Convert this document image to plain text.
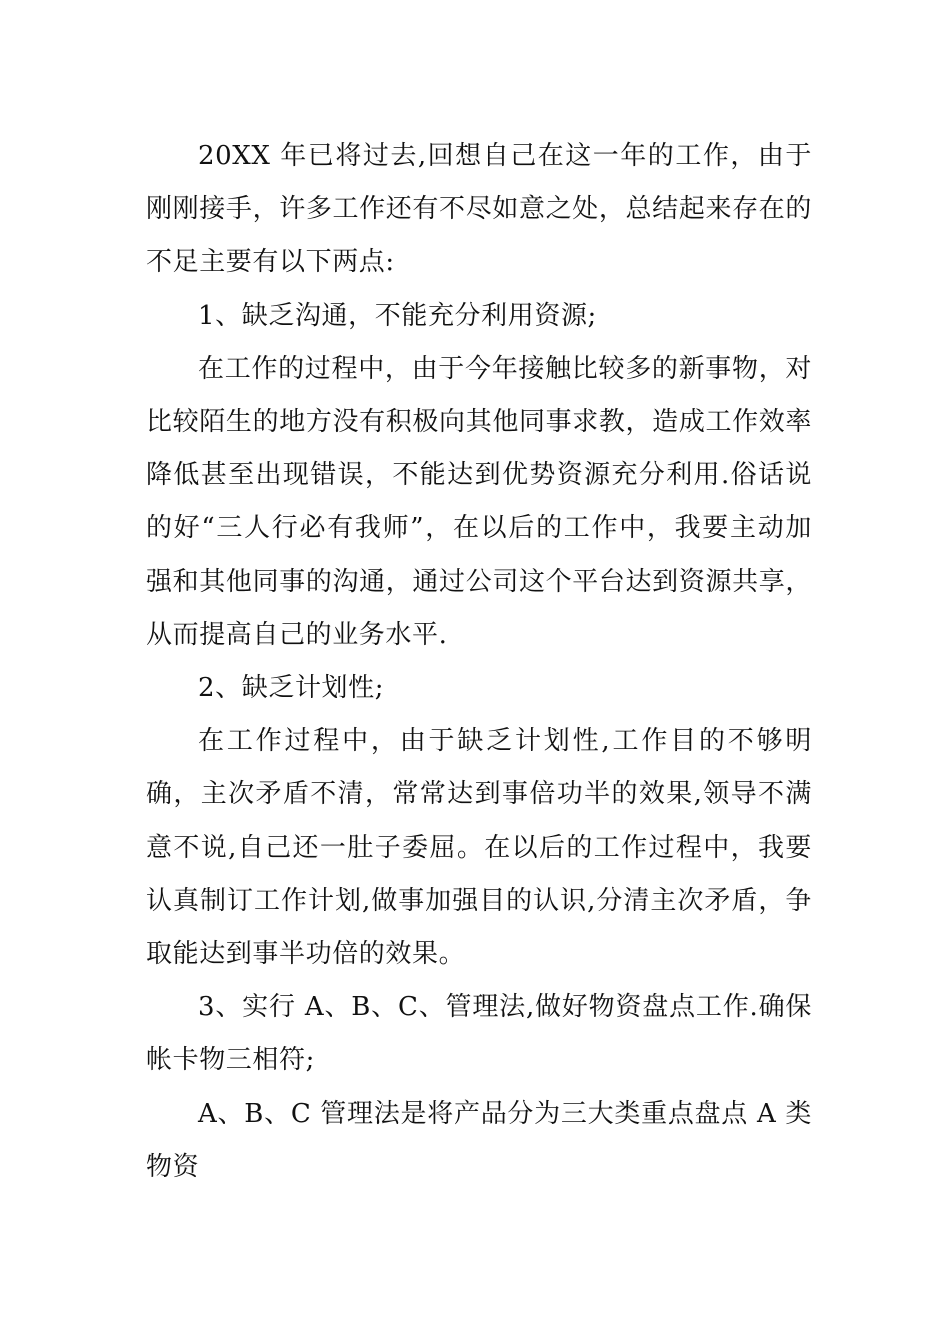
20XX 年已将过去,回想自己在这一年的工作，由于刚刚接手，许多工作还有不尽如意之处，总结起来存在的不足主要有以下两点:

1、缺乏沟通，不能充分利用资源;

在工作的过程中，由于今年接触比较多的新事物，对比较陌生的地方没有积极向其他同事求教，造成工作效率降低甚至出现错误，不能达到优势资源充分利用.俗话说的好“三人行必有我师”，在以后的工作中，我要主动加强和其他同事的沟通，通过公司这个平台达到资源共享，从而提高自己的业务水平.

2、缺乏计划性;

在工作过程中，由于缺乏计划性,工作目的不够明确，主次矛盾不清，常常达到事倍功半的效果,领导不满意不说,自己还一肚子委屈。在以后的工作过程中，我要认真制订工作计划,做事加强目的认识,分清主次矛盾，争取能达到事半功倍的效果。

3、实行 A、B、C、管理法,做好物资盘点工作.确保帐卡物三相符;

A、B、C 管理法是将产品分为三大类重点盘点 A 类物资
